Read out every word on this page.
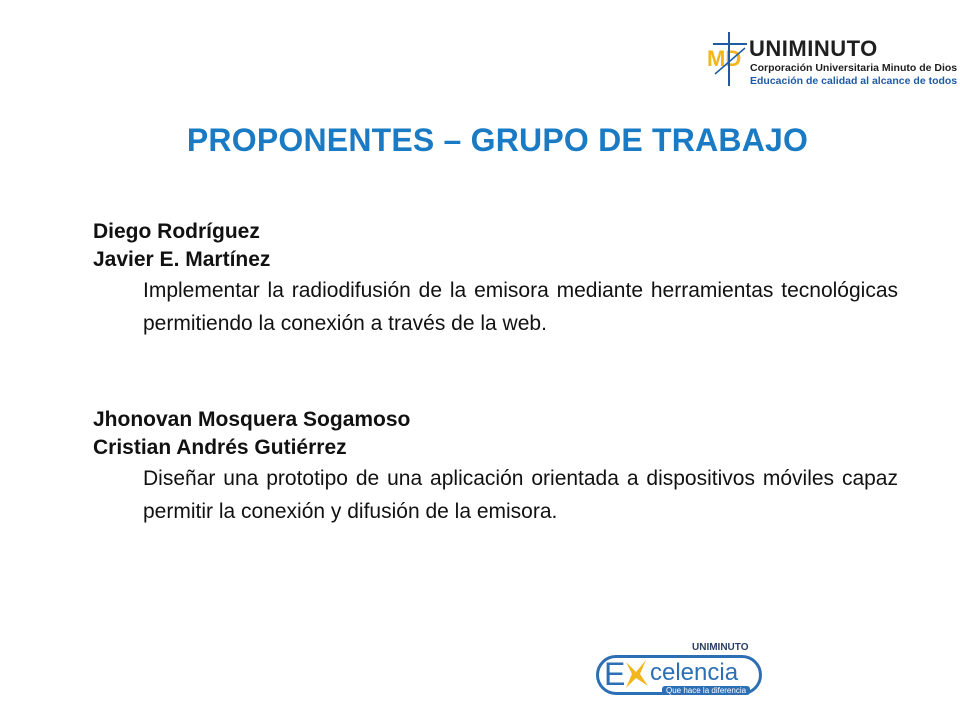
MD UNIMINUTO
Corporación Universitaria Minuto de Dios
Educación de calidad al alcance de todos
PROPONENTES – GRUPO DE TRABAJO
Diego Rodríguez
Javier E. Martínez
Implementar la radiodifusión de la emisora mediante herramientas tecnológicas permitiendo la conexión a través de la web.
Jhonovan Mosquera Sogamoso
Cristian Andrés Gutiérrez
Diseñar una prototipo de una aplicación orientada a dispositivos móviles capaz permitir la conexión y difusión de la emisora.
UNIMINUTO
E celencia
Que hace la diferencia
